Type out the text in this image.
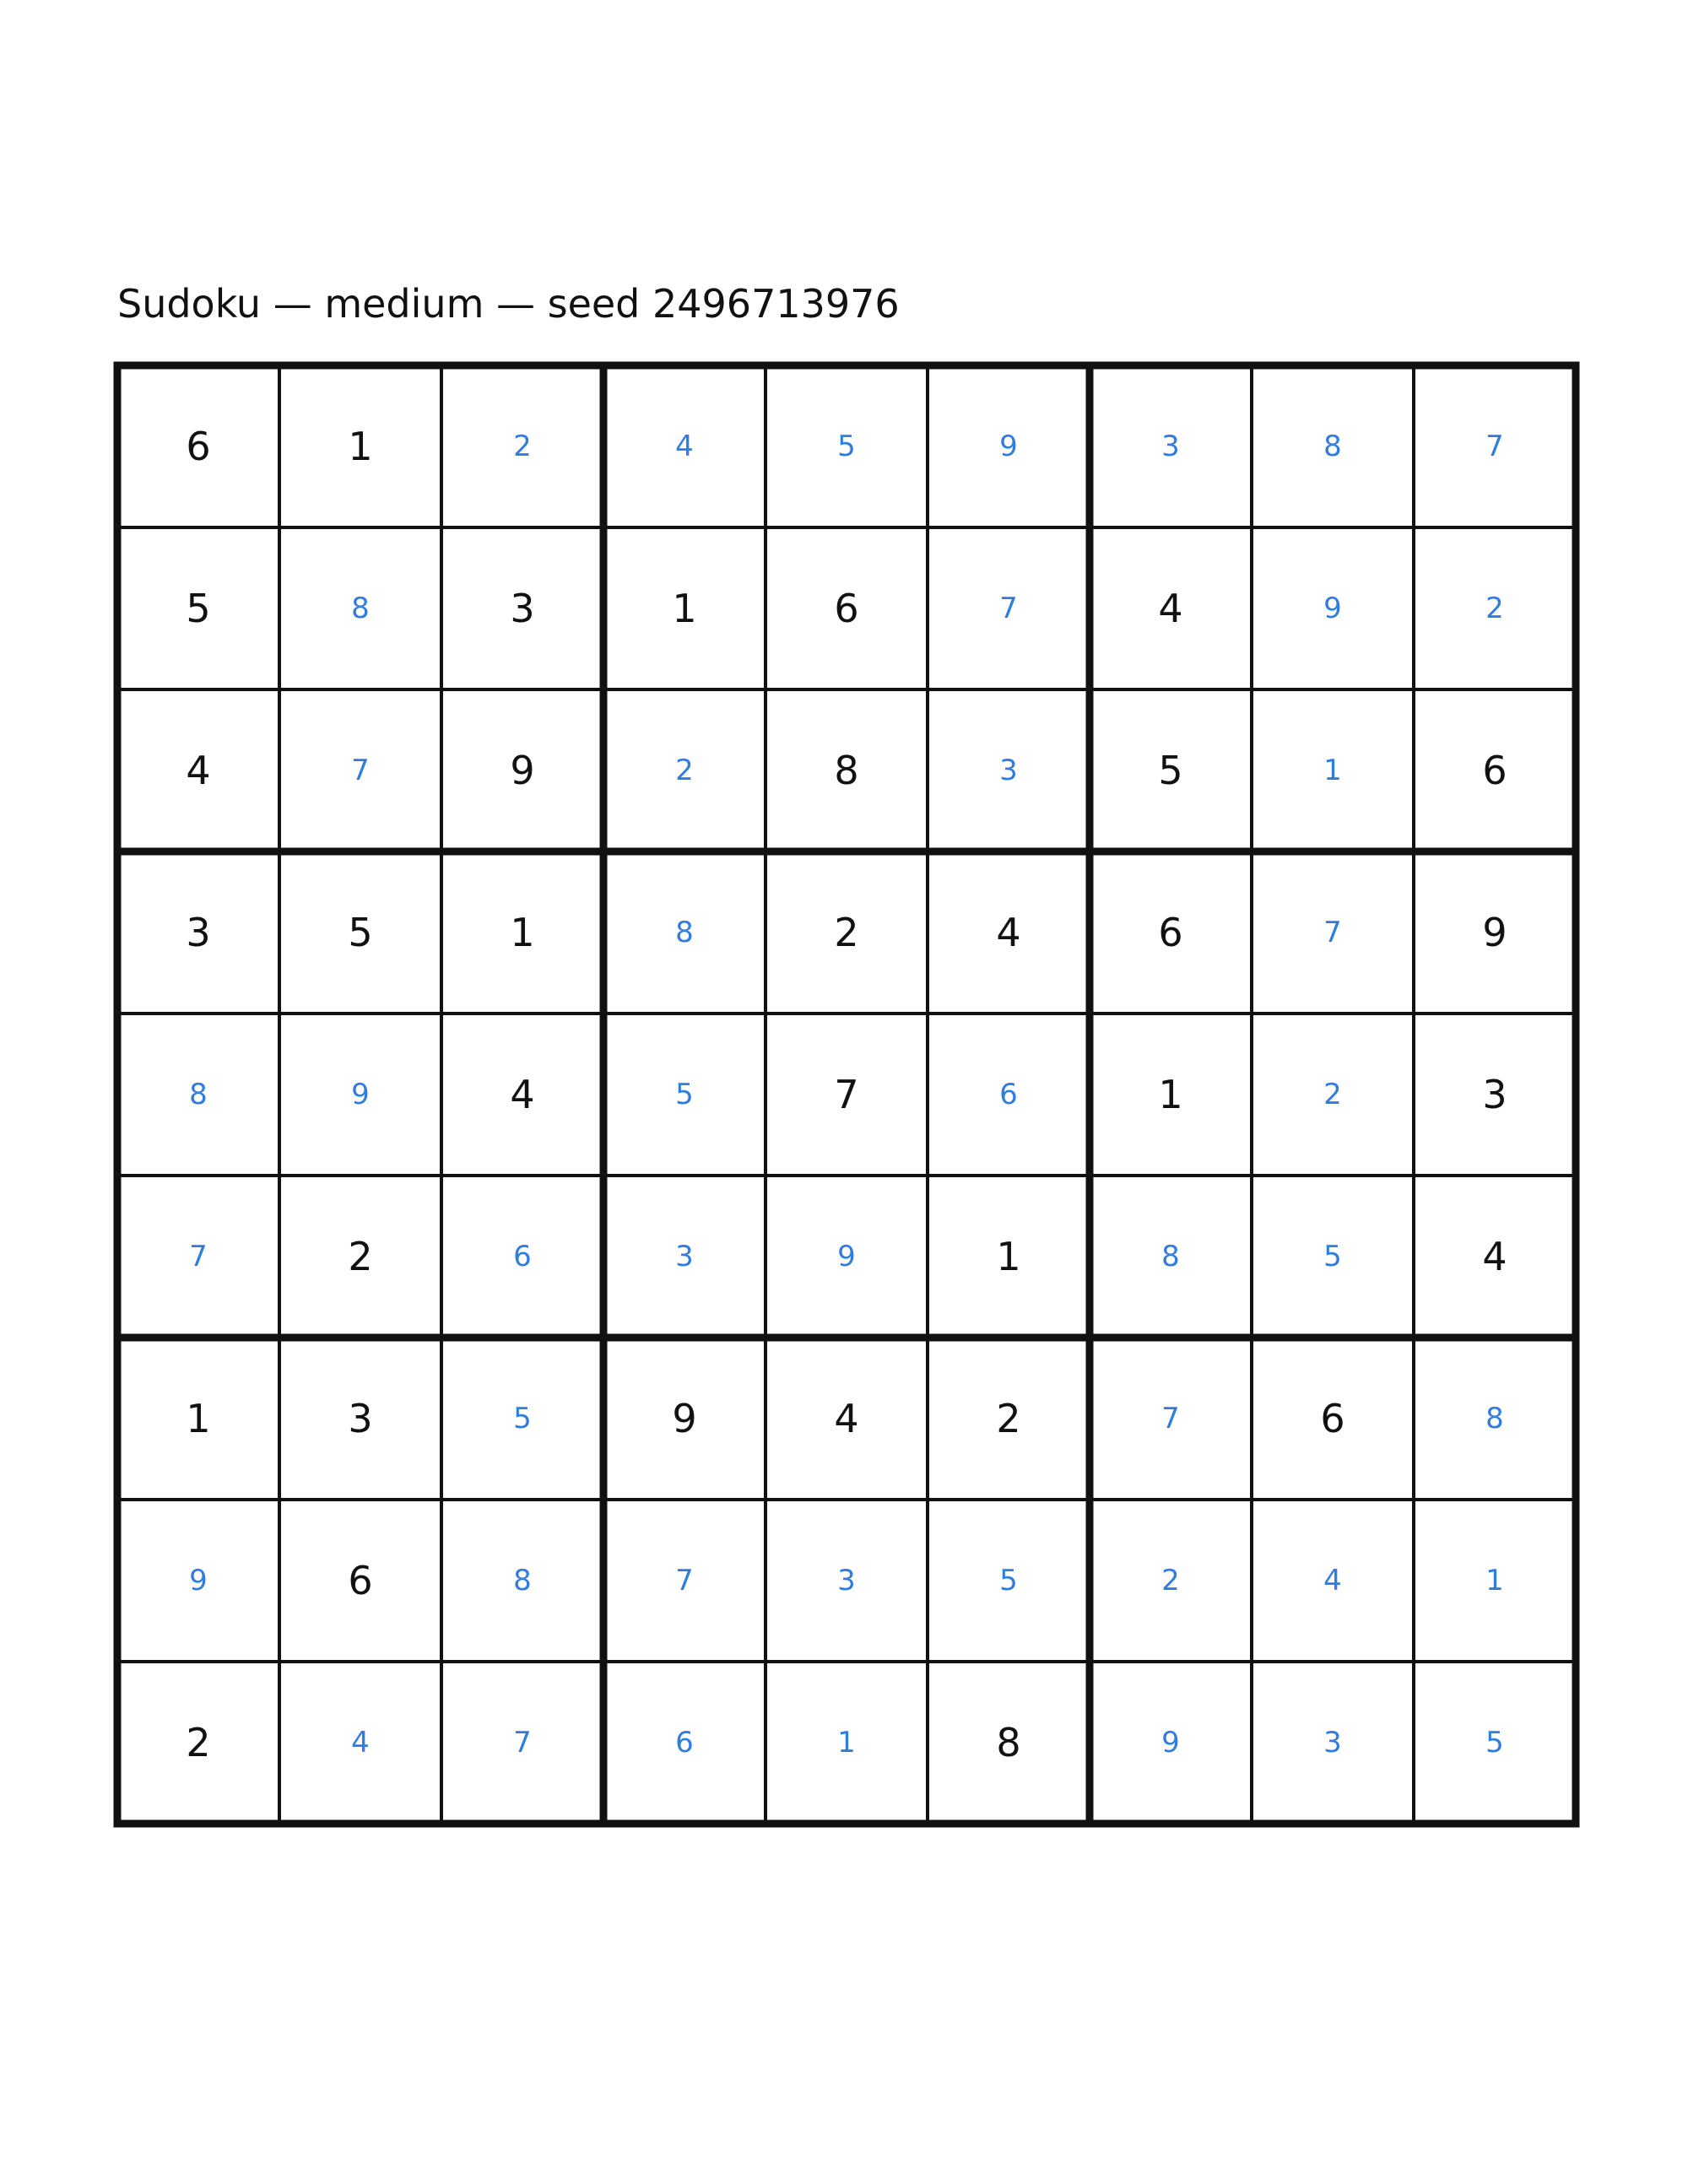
Sudoku — medium — seed 2496713976
6	1	2	4	5	9	3	8	7
5	8	3	1	6	7	4	9	2
4	7	9	2	8	3	5	1	6
3	5	1	8	2	4	6	7	9
8	9	4	5	7	6	1	2	3
7	2	6	3	9	1	8	5	4
1	3	5	9	4	2	7	6	8
9	6	8	7	3	5	2	4	1
2	4	7	6	1	8	9	3	5
